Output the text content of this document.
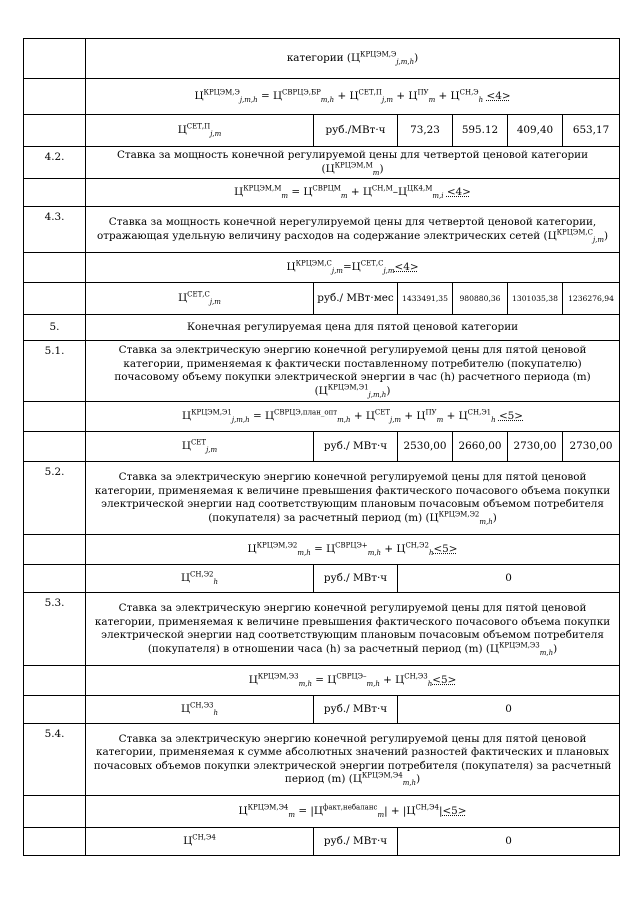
	категории $(Ц^{КРЦЭМ,Э}_{j,m,h})$					
	$Ц^{КРЦЭМ,Э}_{j,m,h} = Ц^{СВРЦЭ,БР}_{m,h} + Ц^{СЕТ,П}_{j,m} + Ц^{ПУ}_m + Ц^{СН,Э}_h <4>$					
	$Ц^{СЕТ,П}_{j,m}$	руб./МВт·ч	73,23	595.12	409,40	653,17
4.2.	Ставка за мощность конечной регулируемой цены для четвертой ценовой категории $(Ц^{КРЦЭМ,М}_m)$					
	$Ц^{КРЦЭМ,М}_m = Ц^{СВРЦМ}_m + Ц^{СН,М}-Ц^{ЦК4,М}_{m,i} <4>$					
4.3.	Ставка за мощность конечной нерегулируемой цены для четвертой ценовой категории, отражающая удельную величину расходов на содержание электрических сетей $(Ц^{КРЦЭМ,С}_{j,m})$					
	$Ц^{КРЦЭМ,С}_{j,m}=Ц^{СЕТ,С}_{j,m}<4>$					
	$Ц^{СЕТ,С}_{j,m}$	руб./ МВт·мес	1433491,35	980880,36	1301035,38	1236276,94
5.	Конечная регулируемая цена для пятой ценовой категории					
5.1.	Ставка за электрическую энергию конечной регулируемой цены для пятой ценовой категории, применяемая к фактически поставленному потребителю (покупателю) почасовому объему покупки электрической энергии в час (h) расчетного периода (m) $(Ц^{КРЦЭМ,Э1}_{j,m,h})$					
	$Ц^{КРЦЭМ,Э1}_{j,m,h} = Ц^{СВРЦЭ,план\_опт}_{m,h} + Ц^{СЕТ}_{j,m} + Ц^{ПУ}_m + Ц^{СН,Э1}_h <5>$					
	$Ц^{СЕТ}_{j,m}$	руб./ МВт·ч	2530,00	2660,00	2730,00	2730,00
5.2.	Ставка за электрическую энергию конечной регулируемой цены для пятой ценовой категории, применяемая к величине превышения фактического почасового объема покупки электрической энергии над соответствующим плановым почасовым объемом потребителя (покупателя) за расчетный период (m) $(Ц^{КРЦЭМ,Э2}_{m,h})$					
	$Ц^{КРЦЭМ,Э2}_{m,h} = Ц^{СВРЦЭ+}_{m,h} + Ц^{СН,Э2}_h<5>$					
	$Ц^{СН,Э2}_h$	руб./ МВт·ч	0			
5.3.	Ставка за электрическую энергию конечной регулируемой цены для пятой ценовой категории, применяемая к величине превышения фактического почасового объема покупки электрической энергии над соответствующим плановым почасовым объемом потребителя (покупателя) в отношении часа (h) за расчетный период (m) $(Ц^{КРЦЭМ,Э3}_{m,h})$					
	$Ц^{КРЦЭМ,Э3}_{m,h} = Ц^{СВРЦЭ-}_{m,h} + Ц^{СН,Э3}_h<5>$					
	$Ц^{СН,Э3}_h$	руб./ МВт·ч	0			
5.4.	Ставка за электрическую энергию конечной регулируемой цены для пятой ценовой категории, применяемая к сумме абсолютных значений разностей фактических и плановых почасовых объемов покупки электрической энергии потребителя (покупателя) за расчетный период (m) $(Ц^{КРЦЭМ,Э4}_{m,h})$					
	$Ц^{КРЦЭМ,Э4}_m = |Ц^{факт,небаланс}_m| + |Ц^{СН,Э4}|<5>$					
	$Ц^{СН,Э4}$	руб./ МВт·ч	0			
